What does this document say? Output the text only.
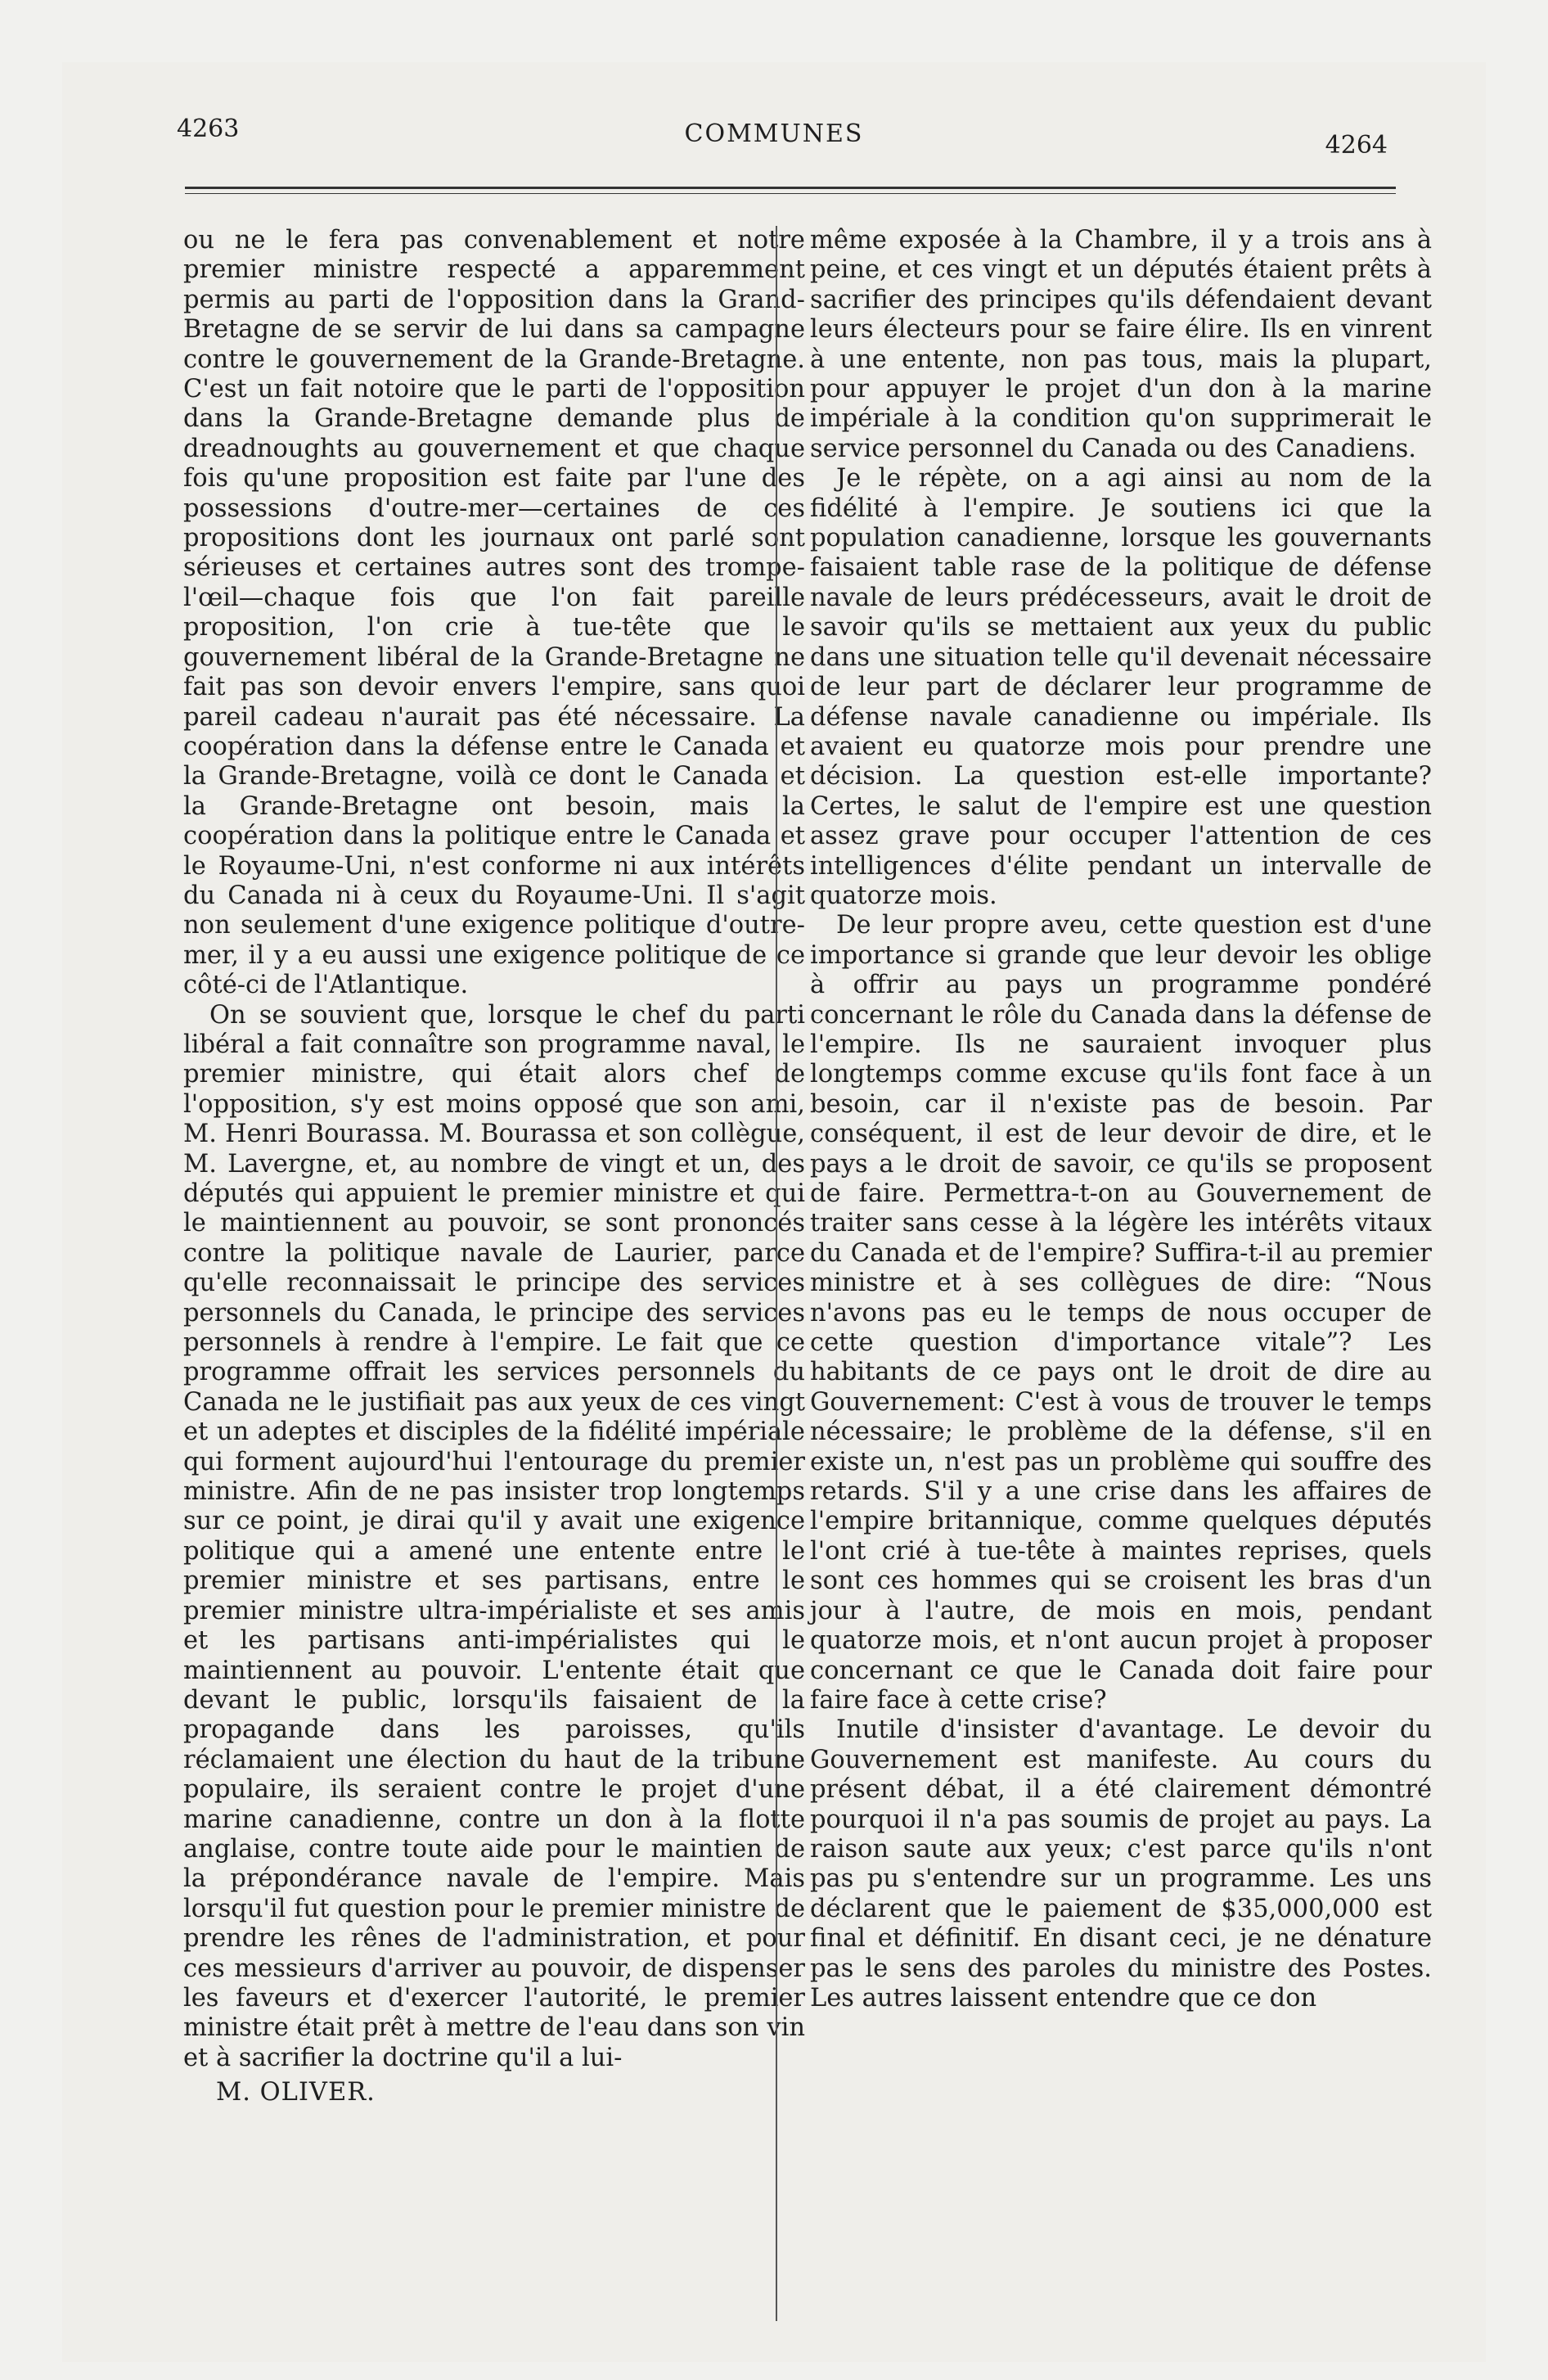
4263	COMMUNES	4264

ou ne le fera pas convenablement et notre premier ministre respecté a apparemment permis au parti de l'opposition dans la Grand-Bretagne de se servir de lui dans sa campagne contre le gouvernement de la Grande-Bretagne. C'est un fait notoire que le parti de l'opposition dans la Grande-Bretagne demande plus de dreadnoughts au gouvernement et que chaque fois qu'une proposition est faite par l'une des possessions d'outre-mer—certaines de ces propositions dont les journaux ont parlé sont sérieuses et certaines autres sont des trompe-l'œil—chaque fois que l'on fait pareille proposition, l'on crie à tue-tête que le gouvernement libéral de la Grande-Bretagne ne fait pas son devoir envers l'empire, sans quoi pareil cadeau n'aurait pas été nécessaire. La coopération dans la défense entre le Canada et la Grande-Bretagne, voilà ce dont le Canada et la Grande-Bretagne ont besoin, mais la coopération dans la politique entre le Canada et le Royaume-Uni, n'est conforme ni aux intérêts du Canada ni à ceux du Royaume-Uni. Il s'agit non seulement d'une exigence politique d'outre-mer, il y a eu aussi une exigence politique de ce côté-ci de l'Atlantique.

On se souvient que, lorsque le chef du parti libéral a fait connaître son programme naval, le premier ministre, qui était alors chef de l'opposition, s'y est moins opposé que son ami, M. Henri Bourassa. M. Bourassa et son collègue, M. Lavergne, et, au nombre de vingt et un, des députés qui appuient le premier ministre et qui le maintiennent au pouvoir, se sont prononcés contre la politique navale de Laurier, parce qu'elle reconnaissait le principe des services personnels du Canada, le principe des services personnels à rendre à l'empire. Le fait que ce programme offrait les services personnels du Canada ne le justifiait pas aux yeux de ces vingt et un adeptes et disciples de la fidélité impériale qui forment aujourd'hui l'entourage du premier ministre. Afin de ne pas insister trop longtemps sur ce point, je dirai qu'il y avait une exigence politique qui a amené une entente entre le premier ministre et ses partisans, entre le premier ministre ultra-impérialiste et ses amis et les partisans anti-impérialistes qui le maintiennent au pouvoir. L'entente était que devant le public, lorsqu'ils faisaient de la propagande dans les paroisses, qu'ils réclamaient une élection du haut de la tribune populaire, ils seraient contre le projet d'une marine canadienne, contre un don à la flotte anglaise, contre toute aide pour le maintien de la prépondérance navale de l'empire. Mais lorsqu'il fut question pour le premier ministre de prendre les rênes de l'administration, et pour ces messieurs d'arriver au pouvoir, de dispenser les faveurs et d'exercer l'autorité, le premier ministre était prêt à mettre de l'eau dans son vin et à sacrifier la doctrine qu'il a lui-

M. OLIVER.

même exposée à la Chambre, il y a trois ans à peine, et ces vingt et un députés étaient prêts à sacrifier des principes qu'ils défendaient devant leurs électeurs pour se faire élire. Ils en vinrent à une entente, non pas tous, mais la plupart, pour appuyer le projet d'un don à la marine impériale à la condition qu'on supprimerait le service personnel du Canada ou des Canadiens.

Je le répète, on a agi ainsi au nom de la fidélité à l'empire. Je soutiens ici que la population canadienne, lorsque les gouvernants faisaient table rase de la politique de défense navale de leurs prédécesseurs, avait le droit de savoir qu'ils se mettaient aux yeux du public dans une situation telle qu'il devenait nécessaire de leur part de déclarer leur programme de défense navale canadienne ou impériale. Ils avaient eu quatorze mois pour prendre une décision. La question est-elle importante? Certes, le salut de l'empire est une question assez grave pour occuper l'attention de ces intelligences d'élite pendant un intervalle de quatorze mois.

De leur propre aveu, cette question est d'une importance si grande que leur devoir les oblige à offrir au pays un programme pondéré concernant le rôle du Canada dans la défense de l'empire. Ils ne sauraient invoquer plus longtemps comme excuse qu'ils font face à un besoin, car il n'existe pas de besoin. Par conséquent, il est de leur devoir de dire, et le pays a le droit de savoir, ce qu'ils se proposent de faire. Permettra-t-on au Gouvernement de traiter sans cesse à la légère les intérêts vitaux du Canada et de l'empire? Suffira-t-il au premier ministre et à ses collègues de dire: “Nous n'avons pas eu le temps de nous occuper de cette question d'importance vitale”? Les habitants de ce pays ont le droit de dire au Gouvernement: C'est à vous de trouver le temps nécessaire; le problème de la défense, s'il en existe un, n'est pas un problème qui souffre des retards. S'il y a une crise dans les affaires de l'empire britannique, comme quelques députés l'ont crié à tue-tête à maintes reprises, quels sont ces hommes qui se croisent les bras d'un jour à l'autre, de mois en mois, pendant quatorze mois, et n'ont aucun projet à proposer concernant ce que le Canada doit faire pour faire face à cette crise?

Inutile d'insister d'avantage. Le devoir du Gouvernement est manifeste. Au cours du présent débat, il a été clairement démontré pourquoi il n'a pas soumis de projet au pays. La raison saute aux yeux; c'est parce qu'ils n'ont pas pu s'entendre sur un programme. Les uns déclarent que le paiement de $35,000,000 est final et définitif. En disant ceci, je ne dénature pas le sens des paroles du ministre des Postes. Les autres laissent entendre que ce don
